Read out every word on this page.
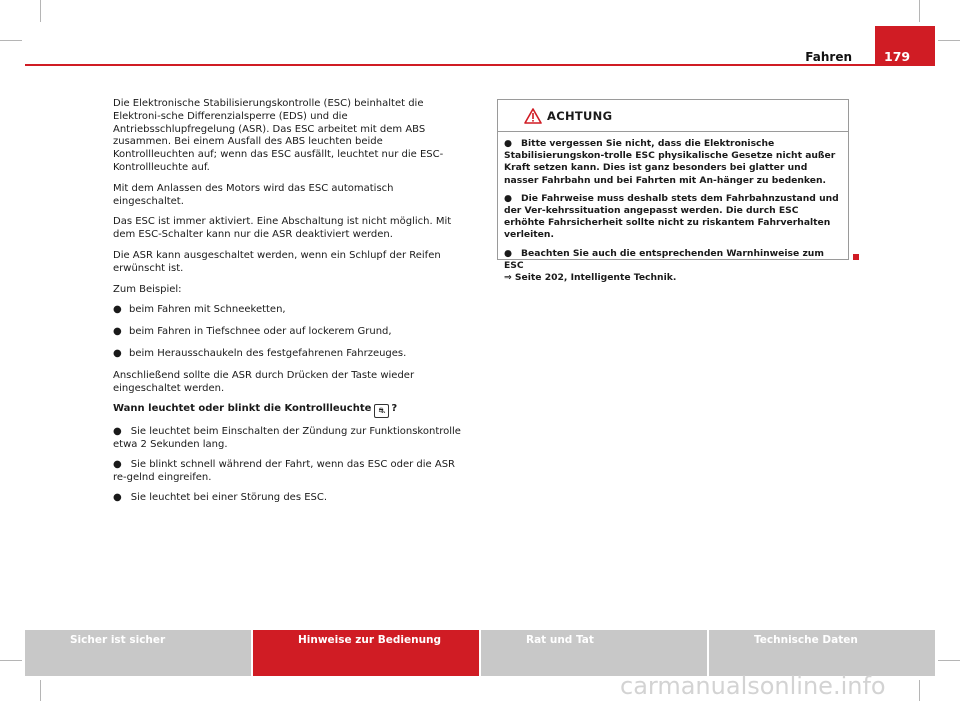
Fahren	179

Die Elektronische Stabilisierungskontrolle (ESC) beinhaltet die Elektroni-sche Differenzialsperre (EDS) und die Antriebsschlupfregelung (ASR). Das ESC arbeitet mit dem ABS zusammen. Bei einem Ausfall des ABS leuchten beide Kontrollleuchten auf; wenn das ESC ausfällt, leuchtet nur die ESC-Kontrollleuchte auf.

Mit dem Anlassen des Motors wird das ESC automatisch eingeschaltet.

Das ESC ist immer aktiviert. Eine Abschaltung ist nicht möglich. Mit dem ESC-Schalter kann nur die ASR deaktiviert werden.

Die ASR kann ausgeschaltet werden, wenn ein Schlupf der Reifen erwünscht ist.

Zum Beispiel:

● beim Fahren mit Schneeketten,
● beim Fahren in Tiefschnee oder auf lockerem Grund,
● beim Herausschaukeln des festgefahrenen Fahrzeuges.

Anschließend sollte die ASR durch Drücken der Taste wieder eingeschaltet werden.

Wann leuchtet oder blinkt die Kontrollleuchte ⛐ ?
● Sie leuchtet beim Einschalten der Zündung zur Funktionskontrolle etwa 2 Sekunden lang.
● Sie blinkt schnell während der Fahrt, wenn das ESC oder die ASR re-gelnd eingreifen.
● Sie leuchtet bei einer Störung des ESC.
ACHTUNG
● Bitte vergessen Sie nicht, dass die Elektronische Stabilisierungskon-trolle ESC physikalische Gesetze nicht außer Kraft setzen kann. Dies ist ganz besonders bei glatter und nasser Fahrbahn und bei Fahrten mit An-hänger zu bedenken.
● Die Fahrweise muss deshalb stets dem Fahrbahnzustand und der Ver-kehrssituation angepasst werden. Die durch ESC erhöhte Fahrsicherheit sollte nicht zu riskantem Fahrverhalten verleiten.
● Beachten Sie auch die entsprechenden Warnhinweise zum ESC
⇒ Seite 202, Intelligente Technik.
Sicher ist sicher	Hinweise zur Bedienung	Rat und Tat	Technische Daten
carmanualsonline.info
